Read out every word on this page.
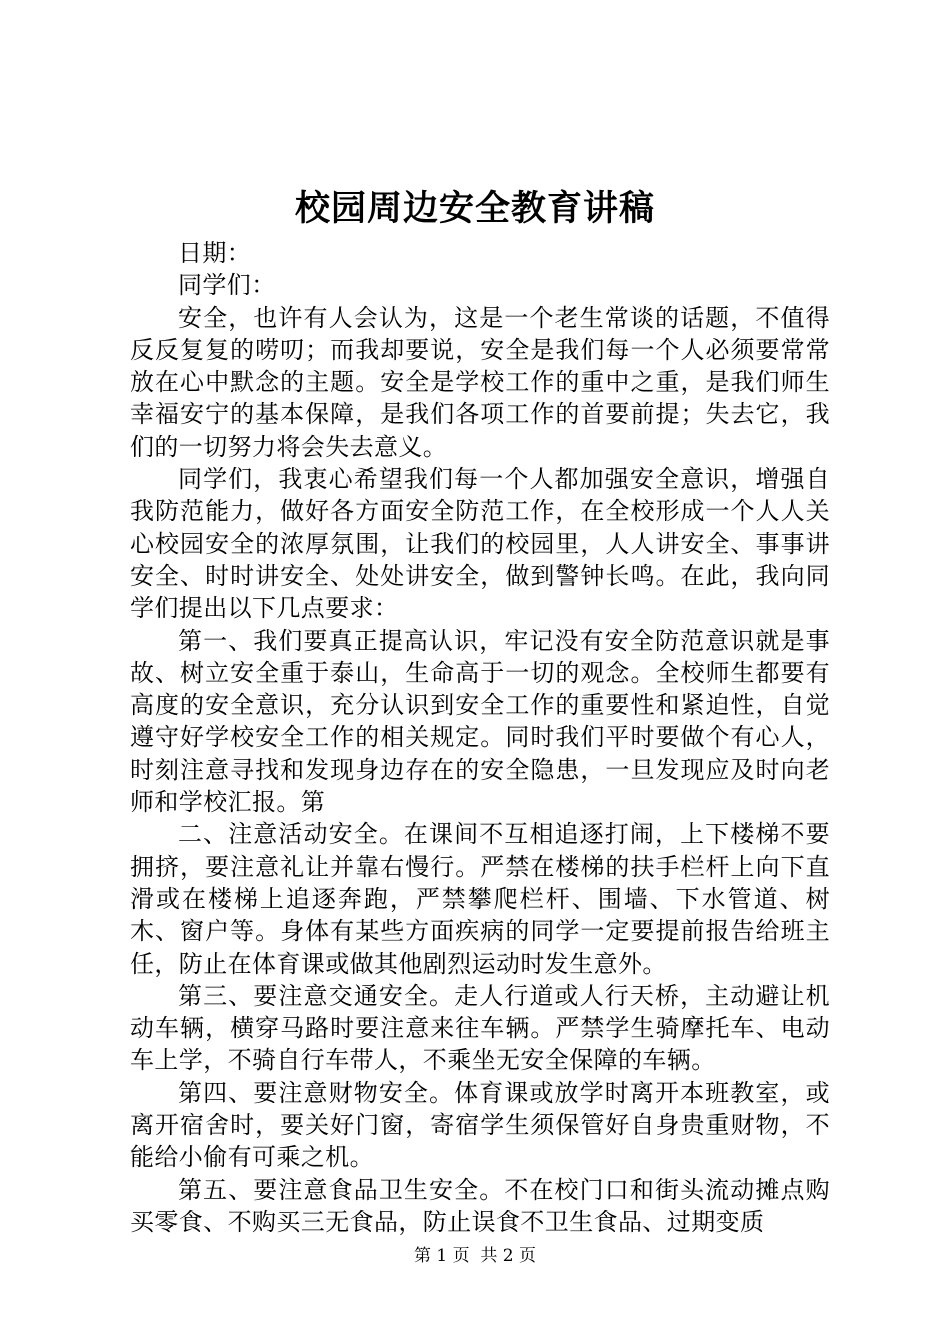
校园周边安全教育讲稿

日期：

同学们：

安全，也许有人会认为，这是一个老生常谈的话题，不值得反反复复的唠叨；而我却要说，安全是我们每一个人必须要常常放在心中默念的主题。安全是学校工作的重中之重，是我们师生幸福安宁的基本保障，是我们各项工作的首要前提；失去它，我们的一切努力将会失去意义。

同学们，我衷心希望我们每一个人都加强安全意识，增强自我防范能力，做好各方面安全防范工作，在全校形成一个人人关心校园安全的浓厚氛围，让我们的校园里，人人讲安全、事事讲安全、时时讲安全、处处讲安全，做到警钟长鸣。在此，我向同学们提出以下几点要求：

第一、我们要真正提高认识，牢记没有安全防范意识就是事故、树立安全重于泰山，生命高于一切的观念。全校师生都要有高度的安全意识，充分认识到安全工作的重要性和紧迫性，自觉遵守好学校安全工作的相关规定。同时我们平时要做个有心人，时刻注意寻找和发现身边存在的安全隐患，一旦发现应及时向老师和学校汇报。第

二、注意活动安全。在课间不互相追逐打闹，上下楼梯不要拥挤，要注意礼让并靠右慢行。严禁在楼梯的扶手栏杆上向下直滑或在楼梯上追逐奔跑，严禁攀爬栏杆、围墙、下水管道、树木、窗户等。身体有某些方面疾病的同学一定要提前报告给班主任，防止在体育课或做其他剧烈运动时发生意外。

第三、要注意交通安全。走人行道或人行天桥，主动避让机动车辆，横穿马路时要注意来往车辆。严禁学生骑摩托车、电动车上学，不骑自行车带人，不乘坐无安全保障的车辆。

第四、要注意财物安全。体育课或放学时离开本班教室，或离开宿舍时，要关好门窗，寄宿学生须保管好自身贵重财物，不能给小偷有可乘之机。

第五、要注意食品卫生安全。不在校门口和街头流动摊点购买零食、不购买三无食品，防止误食不卫生食品、过期变质

第 1 页  共 2 页
